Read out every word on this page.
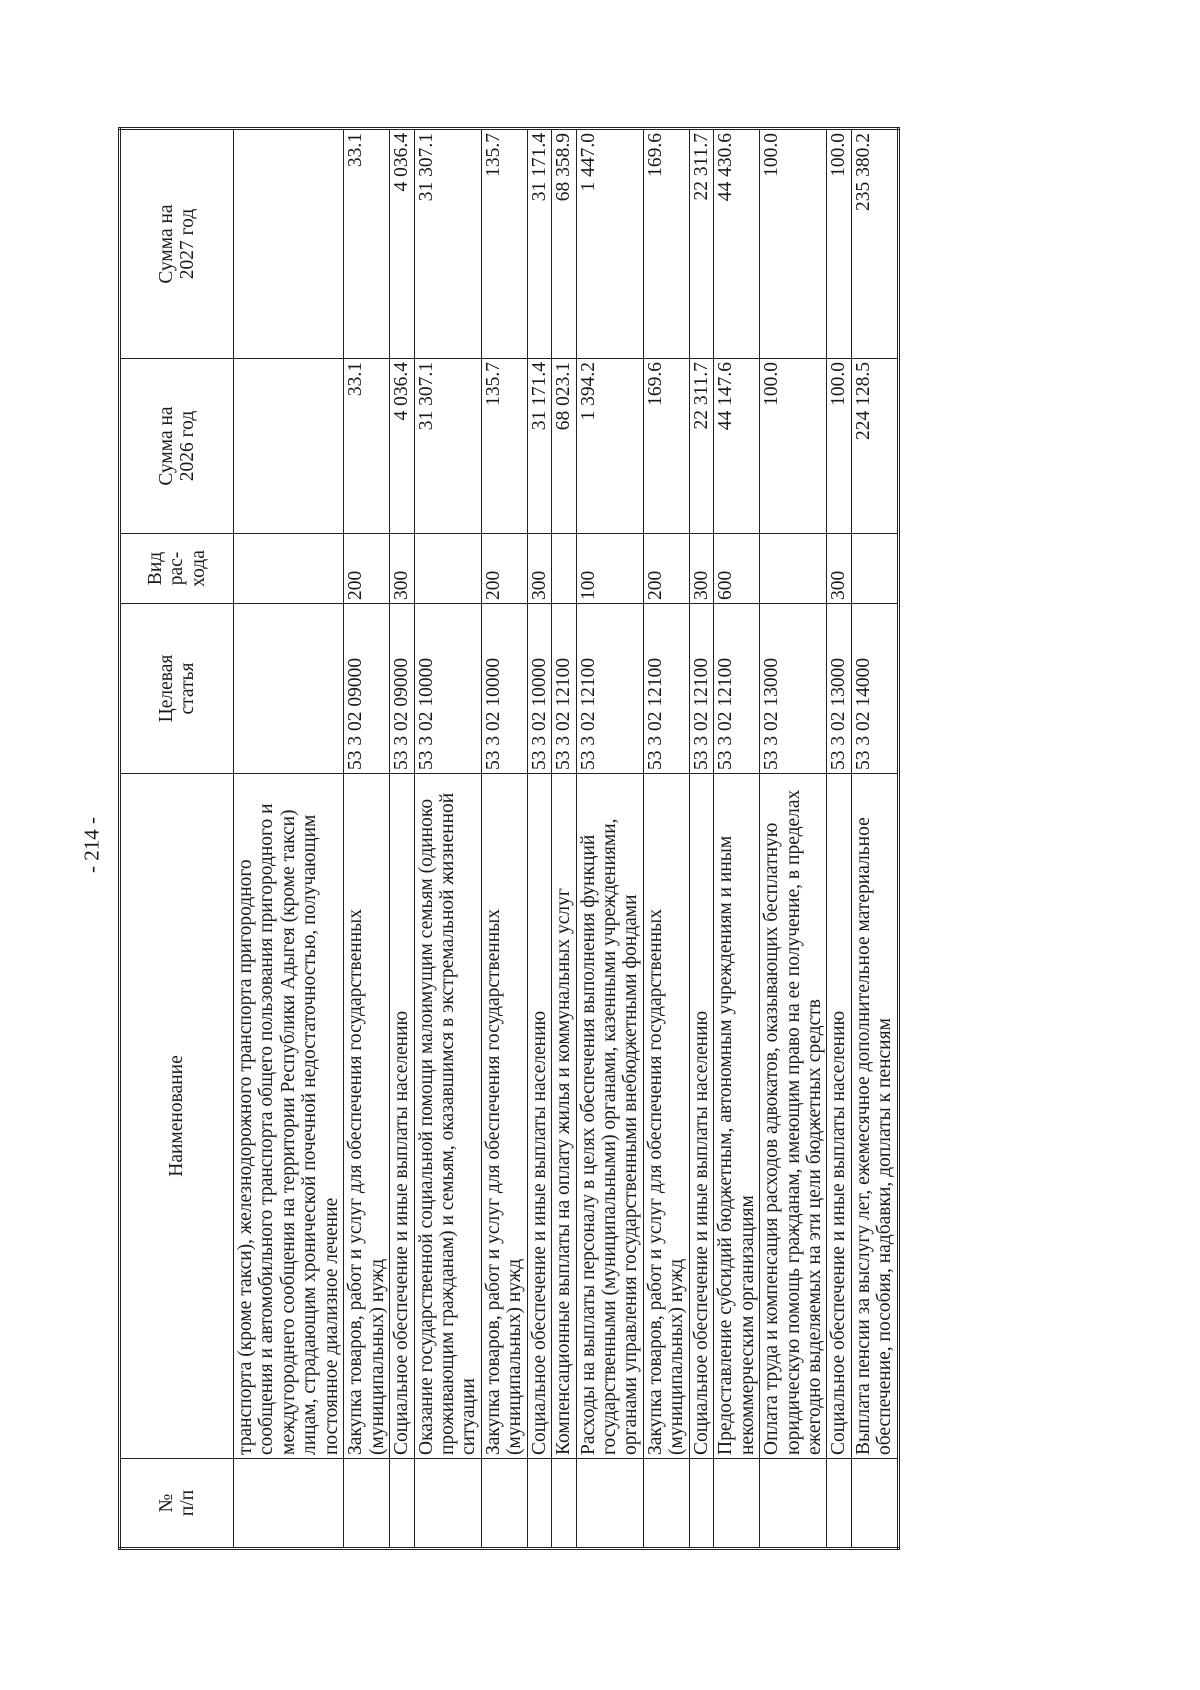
- 214 -
№ п/п	Наименование	Целевая статья	Вид рас- хода	Сумма на 2026 год	Сумма на 2027 год

	транспорта (кроме такси), железнодорожного транспорта пригородного сообщения и автомобильного транспорта общего пользования пригородного и междугороднего сообщения на территории Республики Адыгея (кроме такси) лицам, страдающим хронической почечной недостаточностью, получающим постоянное диализное лечение				
	Закупка товаров, работ и услуг для обеспечения государственных (муниципальных) нужд	53 3 02 09000	200	33.1	33.1
	Социальное обеспечение и иные выплаты населению	53 3 02 09000	300	4 036.4	4 036.4
	Оказание государственной социальной помощи малоимущим семьям (одиноко проживающим гражданам) и семьям, оказавшимся в экстремальной жизненной ситуации	53 3 02 10000		31 307.1	31 307.1
	Закупка товаров, работ и услуг для обеспечения государственных (муниципальных) нужд	53 3 02 10000	200	135.7	135.7
	Социальное обеспечение и иные выплаты населению	53 3 02 10000	300	31 171.4	31 171.4
	Компенсационные выплаты на оплату жилья и коммунальных услуг	53 3 02 12100		68 023.1	68 358.9
	Расходы на выплаты персоналу в целях обеспечения выполнения функций государственными (муниципальными) органами, казенными учреждениями, органами управления государственными внебюджетными фондами	53 3 02 12100	100	1 394.2	1 447.0
	Закупка товаров, работ и услуг для обеспечения государственных (муниципальных) нужд	53 3 02 12100	200	169.6	169.6
	Социальное обеспечение и иные выплаты населению	53 3 02 12100	300	22 311.7	22 311.7
	Предоставление субсидий бюджетным, автономным учреждениям и иным некоммерческим организациям	53 3 02 12100	600	44 147.6	44 430.6
	Оплата труда и компенсация расходов адвокатов, оказывающих бесплатную юридическую помощь гражданам, имеющим право на ее получение, в пределах ежегодно выделяемых на эти цели бюджетных средств	53 3 02 13000		100.0	100.0
	Социальное обеспечение и иные выплаты населению	53 3 02 13000	300	100.0	100.0
	Выплата пенсии за выслугу лет, ежемесячное дополнительное материальное обеспечение, пособия, надбавки, доплаты к пенсиям	53 3 02 14000		224 128.5	235 380.2
